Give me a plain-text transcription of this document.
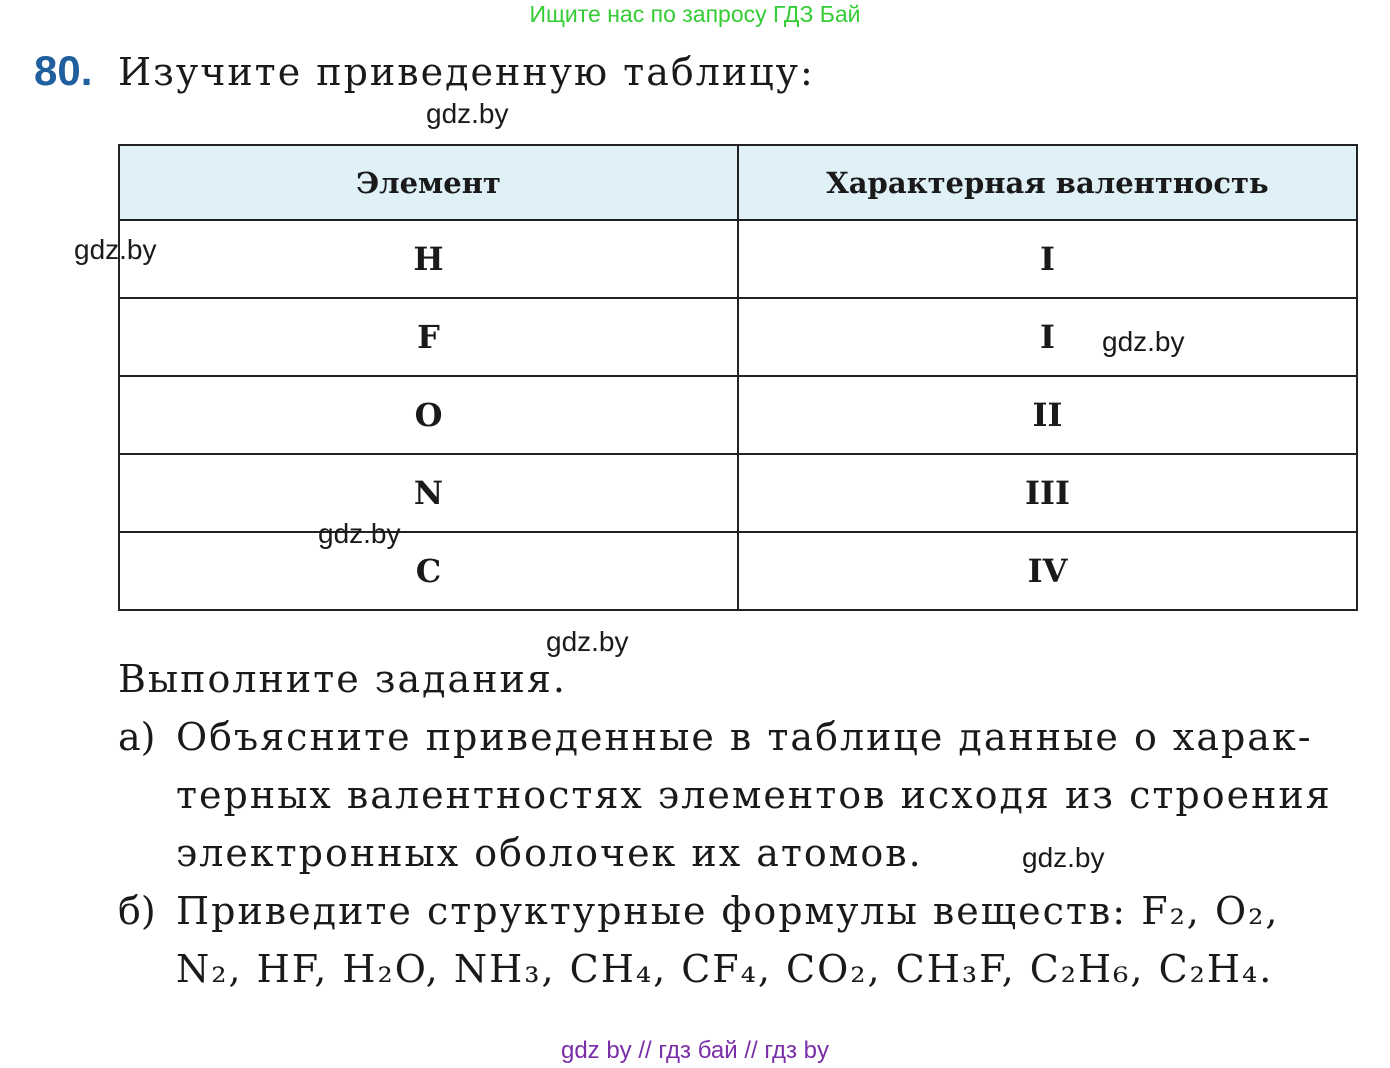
Ищите нас по запросу ГДЗ Бай
80. Изучите приведенную таблицу:
gdz.by
Элемент	Характерная валентность
H	I
F	I
O	II
N	III
C	IV
gdz.by
gdz.by
gdz.by
gdz.by
Выполните задания.
а) Объясните приведенные в таблице данные о харак-
терных валентностях элементов исходя из строения
электронных оболочек их атомов.	gdz.by
б) Приведите структурные формулы веществ: F₂, O₂, N₂, HF, H₂O, NH₃, CH₄, CF₄, CO₂, CH₃F, C₂H₆, C₂H₄.
gdz by // гдз бай // гдз by
